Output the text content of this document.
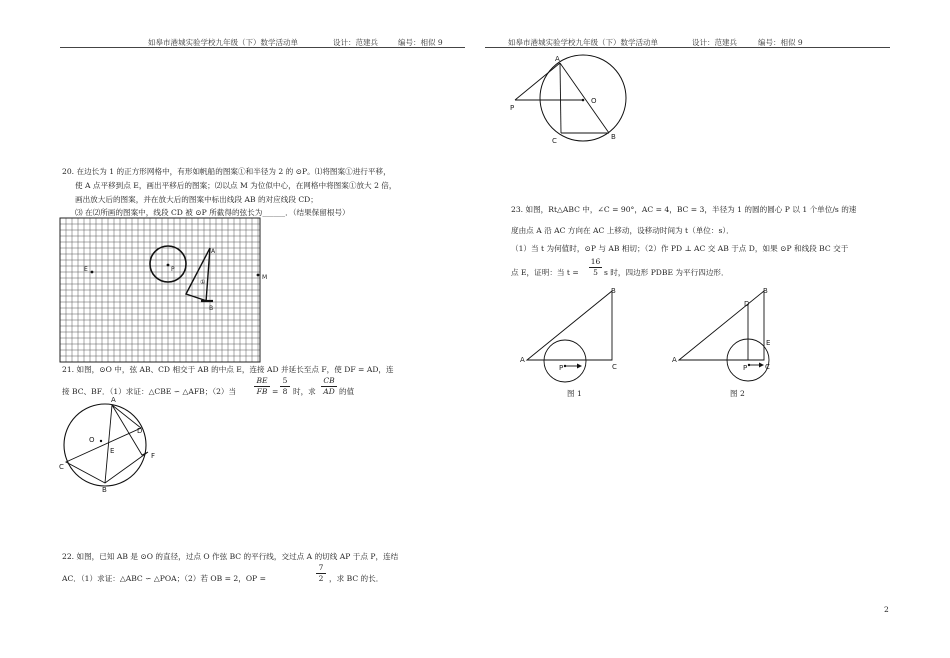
如皋市港城实验学校九年级（下）数学活动单	设计：范建兵	编号：相似 9	如皋市港城实验学校九年级（下）数学活动单	设计：范建兵	编号：相似 9
20. 在边长为 1 的正方形网格中，有形如帆船的图案①和半径为 2 的 ⊙P。⑴将图案①进行平移，
使 A 点平移到点 E，画出平移后的图案；⑵以点 M 为位似中心，在网格中将图案①放大 2 倍，
画出放大后的图案，并在放大后的图案中标出线段 AB 的对应线段 CD；
⑶ 在⑵所画的图案中，线段 CD 被 ⊙P 所截得的弦长为______．（结果保留根号）
P
A
B
①
E
M
21. 如图，⊙O 中，弦 AB、CD 相交于 AB 的中点 E，连接 AD 并延长至点 F，使 DF = AD，连
接 BC、BF．（1）求证：△CBE ∽ △AFB；（2）当 $\frac{BE}{FB} = \frac{5}{8}$ 时，求 $\frac{CB}{AD}$ 的值
A
B
C
D
E
F
O
22. 如图，已知 AB 是 ⊙O 的直径，过点 O 作弦 BC 的平行线，交过点 A 的切线 AP 于点 P，连结
AC．（1）求证：△ABC ∽ △POA；（2）若 OB = 2，OP =	$\frac{7}{2}$ ，求 BC 的长．
A
B
C
O
P
23. 如图，Rt△ABC 中，∠C = 90°，AC = 4，BC = 3，半径为 1 的圆的圆心 P 以 1 个单位/s 的速
度由点 A 沿 AC 方向在 AC 上移动，设移动时间为 t（单位：s）．
（1）当 t 为何值时，⊙P 与 AB 相切；（2）作 PD ⊥ AC 交 AB 于点 D，如果 ⊙P 和线段 BC 交于
点 E，证明：当 $t = \frac{16}{5}$ s 时，四边形 PDBE 为平行四边形．
A
B
C
P
图 1
A
B
C
D
E
P
图 2
2
